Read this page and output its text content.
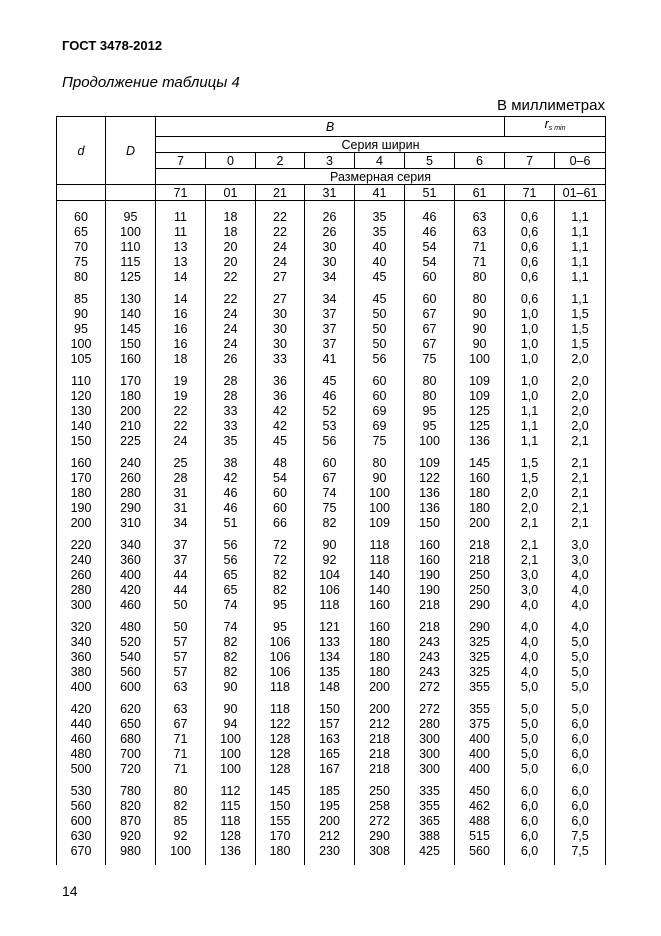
ГОСТ 3478-2012
Продолжение таблицы 4
В миллиметрах
d	D	B							$r_{s min}$
		Серия ширин								
		7	0	2	3	4	5	6	7	0–6
		Размерная серия								
		71	01	21	31	41	51	61	71	01–61
60	95	11	18	22	26	35	46	63	0,6	1,1
65	100	11	18	22	26	35	46	63	0,6	1,1
70	110	13	20	24	30	40	54	71	0,6	1,1
75	115	13	20	24	30	40	54	71	0,6	1,1
80	125	14	22	27	34	45	60	80	0,6	1,1
85	130	14	22	27	34	45	60	80	0,6	1,1
90	140	16	24	30	37	50	67	90	1,0	1,5
95	145	16	24	30	37	50	67	90	1,0	1,5
100	150	16	24	30	37	50	67	90	1,0	1,5
105	160	18	26	33	41	56	75	100	1,0	2,0
110	170	19	28	36	45	60	80	109	1,0	2,0
120	180	19	28	36	46	60	80	109	1,0	2,0
130	200	22	33	42	52	69	95	125	1,1	2,0
140	210	22	33	42	53	69	95	125	1,1	2,0
150	225	24	35	45	56	75	100	136	1,1	2,1
160	240	25	38	48	60	80	109	145	1,5	2,1
170	260	28	42	54	67	90	122	160	1,5	2,1
180	280	31	46	60	74	100	136	180	2,0	2,1
190	290	31	46	60	75	100	136	180	2,0	2,1
200	310	34	51	66	82	109	150	200	2,1	2,1
220	340	37	56	72	90	118	160	218	2,1	3,0
240	360	37	56	72	92	118	160	218	2,1	3,0
260	400	44	65	82	104	140	190	250	3,0	4,0
280	420	44	65	82	106	140	190	250	3,0	4,0
300	460	50	74	95	118	160	218	290	4,0	4,0
320	480	50	74	95	121	160	218	290	4,0	4,0
340	520	57	82	106	133	180	243	325	4,0	5,0
360	540	57	82	106	134	180	243	325	4,0	5,0
380	560	57	82	106	135	180	243	325	4,0	5,0
400	600	63	90	118	148	200	272	355	5,0	5,0
420	620	63	90	118	150	200	272	355	5,0	5,0
440	650	67	94	122	157	212	280	375	5,0	6,0
460	680	71	100	128	163	218	300	400	5,0	6,0
480	700	71	100	128	165	218	300	400	5,0	6,0
500	720	71	100	128	167	218	300	400	5,0	6,0
530	780	80	112	145	185	250	335	450	6,0	6,0
560	820	82	115	150	195	258	355	462	6,0	6,0
600	870	85	118	155	200	272	365	488	6,0	6,0
630	920	92	128	170	212	290	388	515	6,0	7,5
670	980	100	136	180	230	308	425	560	6,0	7,5
14
